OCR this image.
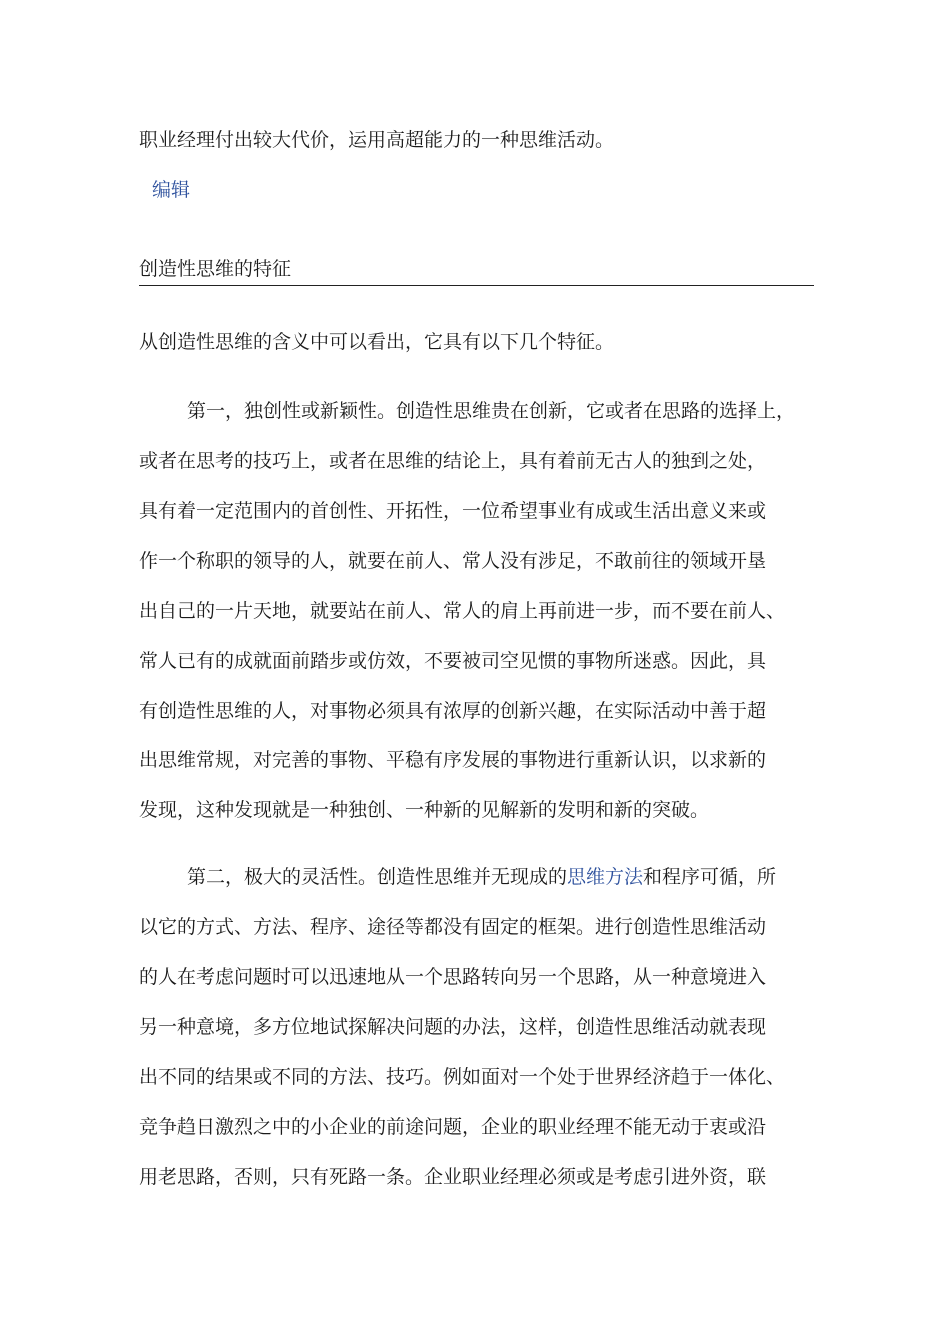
职业经理付出较大代价，运用高超能力的一种思维活动。
编辑
创造性思维的特征
从创造性思维的含义中可以看出，它具有以下几个特征。
第一，独创性或新颖性。创造性思维贵在创新，它或者在思路的选择上，
或者在思考的技巧上，或者在思维的结论上，具有着前无古人的独到之处，
具有着一定范围内的首创性、开拓性，一位希望事业有成或生活出意义来或
作一个称职的领导的人，就要在前人、常人没有涉足，不敢前往的领域开垦
出自己的一片天地，就要站在前人、常人的肩上再前进一步，而不要在前人、
常人已有的成就面前踏步或仿效，不要被司空见惯的事物所迷惑。因此，具
有创造性思维的人，对事物必须具有浓厚的创新兴趣，在实际活动中善于超
出思维常规，对完善的事物、平稳有序发展的事物进行重新认识，以求新的
发现，这种发现就是一种独创、一种新的见解新的发明和新的突破。
第二，极大的灵活性。创造性思维并无现成的思维方法和程序可循，所
以它的方式、方法、程序、途径等都没有固定的框架。进行创造性思维活动
的人在考虑问题时可以迅速地从一个思路转向另一个思路，从一种意境进入
另一种意境，多方位地试探解决问题的办法，这样，创造性思维活动就表现
出不同的结果或不同的方法、技巧。例如面对一个处于世界经济趋于一体化、
竞争趋日激烈之中的小企业的前途问题，企业的职业经理不能无动于衷或沿
用老思路，否则，只有死路一条。企业职业经理必须或是考虑引进外资，联
